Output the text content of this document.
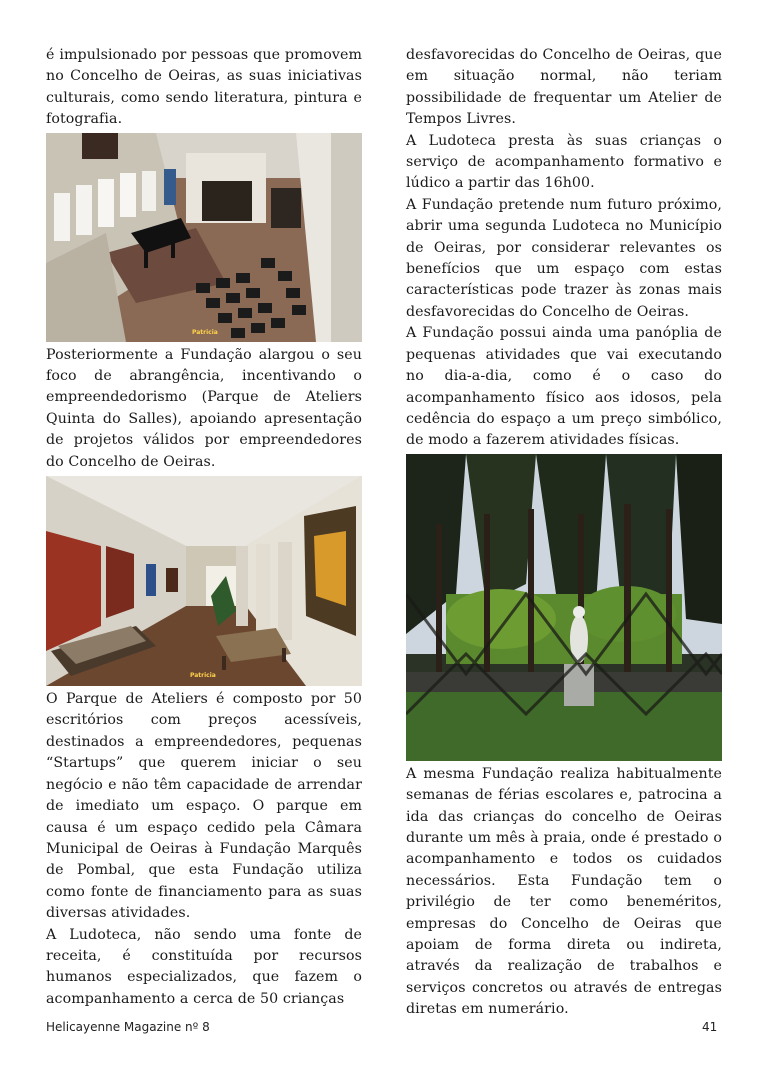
é impulsionado por pessoas que promovem no Concelho de Oeiras, as suas iniciativas culturais, como sendo literatura, pintura e fotografia.

Patricia

Posteriormente a Fundação alargou o seu foco de abrangência, incentivando o empreendedorismo (Parque de Ateliers Quinta do Salles), apoiando apresentação de projetos válidos por empreendedores do Concelho de Oeiras.

Patricia

O Parque de Ateliers é composto por 50 escritórios com preços acessíveis, destinados a empreendedores, pequenas “Startups” que querem iniciar o seu negócio e não têm capacidade de arrendar de imediato um espaço. O parque em causa é um espaço cedido pela Câmara Municipal de Oeiras à Fundação Marquês de Pombal, que esta Fundação utiliza como fonte de financiamento para as suas diversas atividades.

A Ludoteca, não sendo uma fonte de receita, é constituída por recursos humanos especializados, que fazem o acompanhamento a cerca de 50 crianças

desfavorecidas do Concelho de Oeiras, que em situação normal, não teriam possibilidade de frequentar um Atelier de Tempos Livres.

A Ludoteca presta às suas crianças o serviço de acompanhamento formativo e lúdico a partir das 16h00.

A Fundação pretende num futuro próximo, abrir uma segunda Ludoteca no Município de Oeiras, por considerar relevantes os benefícios que um espaço com estas características pode trazer às zonas mais desfavorecidas do Concelho de Oeiras.

A Fundação possui ainda uma panóplia de pequenas atividades que vai executando no dia-a-dia, como é o caso do acompanhamento físico aos idosos, pela cedência do espaço a um preço simbólico, de modo a fazerem atividades físicas.

A mesma Fundação realiza habitualmente semanas de férias escolares e, patrocina a ida das crianças do concelho de Oeiras durante um mês à praia, onde é prestado o acompanhamento e todos os cuidados necessários. Esta Fundação tem o privilégio de ter como beneméritos, empresas do Concelho de Oeiras que apoiam de forma direta ou indireta, através da realização de trabalhos e serviços concretos ou através de entregas diretas em numerário.

Helicayenne Magazine nº 8	41
